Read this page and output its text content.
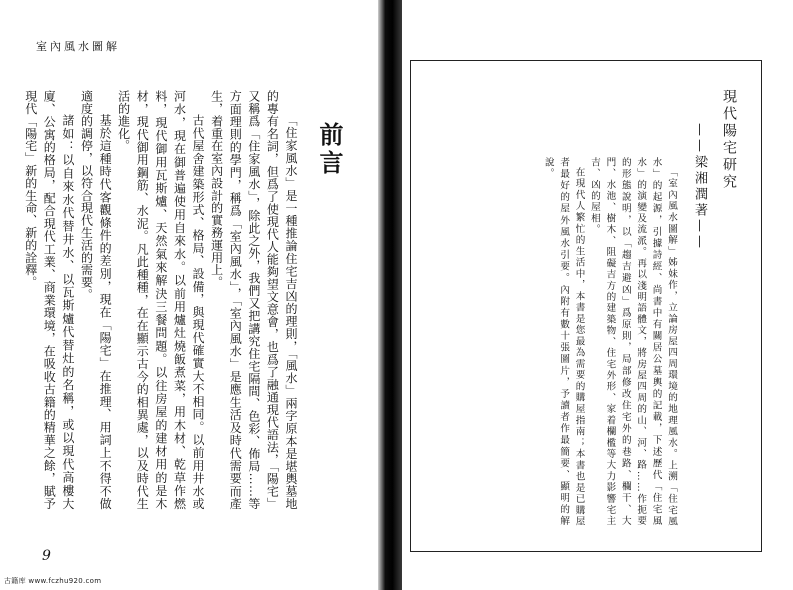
室內風水圖解
前言

「住家風水」是一種推論住宅吉凶的理則，「風水」兩字原本是堪輿墓地的專有名詞，但爲了使現代人能夠望文意會，也爲了融通現代語法，「陽宅」又稱爲「住家風水」，除此之外，我們又把講究住宅隔間、色彩、佈局……等方面理則的學門，稱爲「室內風水」，「室內風水」是應生活及時代需要而產生，着重在室內設計的實務運用上。

古代屋舍建築形式、格局、設備，與現代確實大不相同。以前用井水或河水，現在御普遍使用自來水。以前用爐灶燒飯煮菜，用木材、乾草作燃料，現代御用瓦斯爐、天然氣來解決三餐問題。以往房屋的建材用的是木材，現代御用鋼筋、水泥。凡此種種，在在顯示古今的相異處，以及時代生活的進化。

基於這種時代客觀條件的差別，現在「陽宅」在推理、用詞上不得不做適度的調停，以符合現代生活的需要。

諸如：以自來水代替井水、以瓦斯爐代替灶的名稱，或以現代高樓大廈、公寓的格局，配合現代工業、商業環境，在吸收古籍的精華之餘，賦予現代「陽宅」新的生命、新的詮釋。

9
古籍库 www.fczhu920.com
現代陽宅研究
——梁湘潤著——

「室內風水圖解」姊妹作，立論房屋四周環境的地理風水。上溯「住宅風水」的起源，引據詩經、尚書中有關居公墓輿的記載，下述歷代「住宅風水」的演變及流派。再以淺明語體文，將房屋四周的山、河、路……作扼要的形態說明，以「趨吉避凶」爲原則，局部修改住宅外的巷路、欄干、大門、水池、樹木、阻礙吉方的建築物、住宅外形、家着欄檻等大力影響宅主吉、凶的屋相。

在現代人繁忙的生活中，本書是您最為需要的購屋指南；本書也是已購屋者最好的屋外風水引要。內附有數十張圖片，予讀者作最簡要、顯明的解說。
